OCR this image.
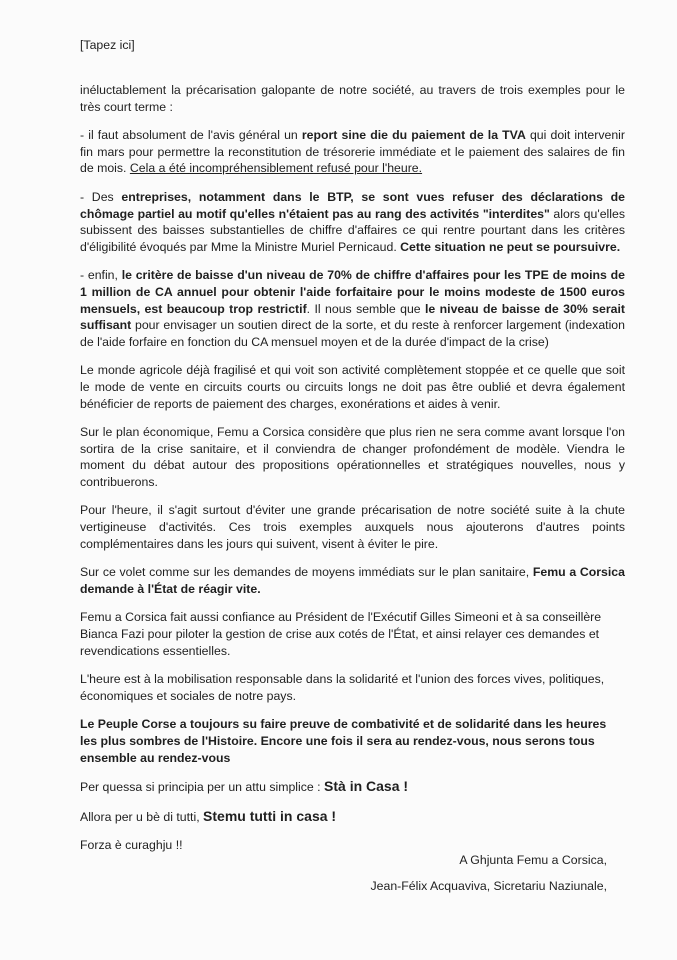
[Tapez ici]

inéluctablement la précarisation galopante de notre société, au travers de trois exemples pour le très court terme :

- il faut absolument de l'avis général un report sine die du paiement de la TVA qui doit intervenir fin mars pour permettre la reconstitution de trésorerie immédiate et le paiement des salaires de fin de mois. Cela a été incompréhensiblement refusé pour l'heure.

- Des entreprises, notamment dans le BTP, se sont vues refuser des déclarations de chômage partiel au motif qu'elles n'étaient pas au rang des activités "interdites" alors qu'elles subissent des baisses substantielles de chiffre d'affaires ce qui rentre pourtant dans les critères d'éligibilité évoqués par Mme la Ministre Muriel Pernicaud. Cette situation ne peut se poursuivre.

- enfin, le critère de baisse d'un niveau de 70% de chiffre d'affaires pour les TPE de moins de 1 million de CA annuel pour obtenir l'aide forfaitaire pour le moins modeste de 1500 euros mensuels, est beaucoup trop restrictif. Il nous semble que le niveau de baisse de 30% serait suffisant pour envisager un soutien direct de la sorte, et du reste à renforcer largement (indexation de l'aide forfaire en fonction du CA mensuel moyen et de la durée d'impact de la crise)

Le monde agricole déjà fragilisé et qui voit son activité complètement stoppée et ce quelle que soit le mode de vente en circuits courts ou circuits longs ne doit pas être oublié et devra également bénéficier de reports de paiement des charges, exonérations et aides à venir.

Sur le plan économique, Femu a Corsica considère que plus rien ne sera comme avant lorsque l'on sortira de la crise sanitaire, et il conviendra de changer profondément de modèle. Viendra le moment du débat autour des propositions opérationnelles et stratégiques nouvelles, nous y contribuerons.

Pour l'heure, il s'agit surtout d'éviter une grande précarisation de notre société suite à la chute vertigineuse d'activités. Ces trois exemples auxquels nous ajouterons d'autres points complémentaires dans les jours qui suivent, visent à éviter le pire.

Sur ce volet comme sur les demandes de moyens immédiats sur le plan sanitaire, Femu a Corsica demande à l'État de réagir vite.

Femu a Corsica fait aussi confiance au Président de l'Exécutif Gilles Simeoni et à sa conseillère Bianca Fazi pour piloter la gestion de crise aux cotés de l'État, et ainsi relayer ces demandes et revendications essentielles.

L'heure est à la mobilisation responsable dans la solidarité et l'union des forces vives, politiques, économiques et sociales de notre pays.

Le Peuple Corse a toujours su faire preuve de combativité et de solidarité dans les heures les plus sombres de l'Histoire. Encore une fois il sera au rendez-vous, nous serons tous ensemble au rendez-vous

Per quessa si principia per un attu simplice : Stà in Casa !

Allora per u bè di tutti, Stemu tutti in casa !

Forza è curaghju !!

A Ghjunta Femu a Corsica,
Jean-Félix Acquaviva, Sicretariu Naziunale,
